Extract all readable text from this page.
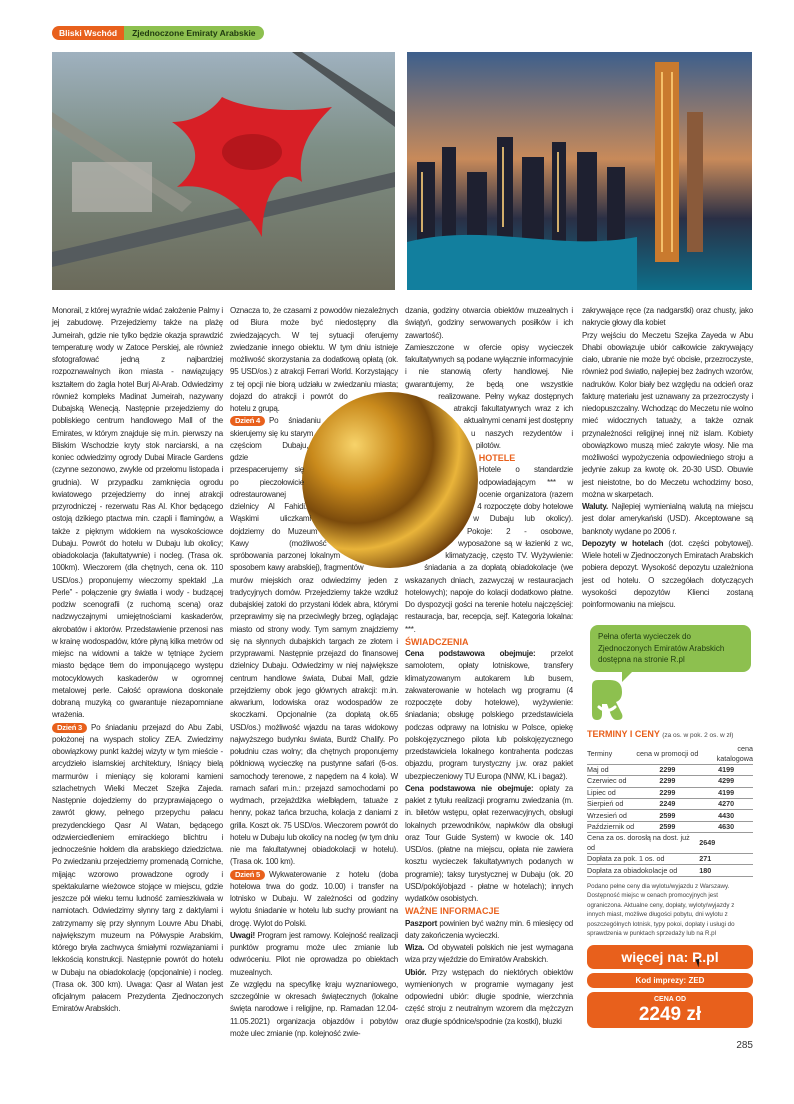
Bliski Wschód	Zjednoczone Emiraty Arabskie

Monorail, z której wyraźnie widać założenie Palmy i jej zabudowę. Przejedziemy także na plażę Jumeirah, gdzie nie tylko będzie okazja sprawdzić temperaturę wody w Zatoce Perskiej, ale również sfotografować jedną z najbardziej rozpoznawalnych ikon miasta - nawiązujący kształtem do żagla hotel Burj Al-Arab. Odwiedzimy również kompleks Madinat Jumeirah, nazywany Dubajską Wenecją. Następnie przejedziemy do pobliskiego centrum handlowego Mall of the Emirates, w którym znajduje się m.in. pierwszy na Bliskim Wschodzie kryty stok narciarski, a na koniec odwiedzimy ogrody Dubai Miracle Gardens (czynne sezonowo, zwykle od przełomu listopada i grudnia). W przypadku zamknięcia ogrodu kwiatowego przejedziemy do innej atrakcji przyrodniczej - rezerwatu Ras Al. Khor będącego ostoją dzikiego ptactwa min. czapli i flamingów, a także z pięknym widokiem na wysokościowce Dubaju. Powrót do hotelu w Dubaju lub okolicy; obiadokolacja (fakultatywnie) i nocleg. (Trasa ok. 100km). Wieczorem (dla chętnych, cena ok. 110 USD/os.) proponujemy wieczorny spektakl „La Perle” - połączenie gry światła i wody - budzącej podziw scenografii (z ruchomą sceną) oraz nadzwyczajnymi umiejętnościami kaskaderów, akrobatów i aktorów. Przedstawienie przenosi nas w krainę wodospadów, które płyną kilka metrów od miejsc na widowni a także w tętniące życiem miasto będące tłem do imponującego występu motocyklowych kaskaderów w ogromnej metalowej perle. Całość oprawiona doskonale dobraną muzyką co gwarantuje niezapomniane wrażenia.

Dzień 3 Po śniadaniu przejazd do Abu Zabi, położonej na wyspach stolicy ZEA. Zwiedzimy obowiązkowy punkt każdej wizyty w tym mieście - arcydzieło islamskiej architektury, lśniący bielą marmurów i mieniący się kolorami kamieni szlachetnych Wielki Meczet Szejka Zajeda. Następnie dojedziemy do przyprawiającego o zawrót głowy, pełnego przepychu pałacu prezydenckiego Qasr Al Watan, będącego odzwierciedleniem emirackiego blichtru i jednocześnie hołdem dla arabskiego dziedzictwa. Po zwiedzaniu przejedziemy promenadą Corniche, mijając wzorowo prowadzone ogrody i spektakularne wieżowce stojące w miejscu, gdzie jeszcze pół wieku temu ludność zamieszkiwała w namiotach. Odwiedzimy słynny targ z daktylami i zatrzymamy się przy słynnym Louvre Abu Dhabi, największym muzeum na Półwyspie Arabskim, którego bryła zachwyca śmiałymi rozwiązaniami i lekkością konstrukcji. Następnie powrót do hotelu w Dubaju na obiadokolację (opcjonalnie) i nocleg. (Trasa ok. 300 km). Uwaga: Qasr al Watan jest oficjalnym pałacem Prezydenta Zjednoczonych Emiratów Arabskich.

Oznacza to, że czasami z powodów niezależnych od Biura może być niedostępny dla zwiedzających. W tej sytuacji oferujemy zwiedzanie innego obiektu. W tym dniu istnieje możliwość skorzystania za dodatkową opłatą (ok. 95 USD/os.) z atrakcji Ferrari World. Korzystający z tej opcji nie biorą udziału w zwiedzaniu miasta; dojazd do atrakcji i powrót do hotelu z grupą.

Dzień 4 Po śniadaniu skierujemy się ku starym częściom Dubaju, gdzie przespacerujemy się po pieczołowicie odrestaurowanej dzielnicy Al Fahidi. Wąskimi uliczkami dojdziemy do Muzeum Kawy (możliwość spróbowania parzonej lokalnym sposobem kawy arabskiej), fragmentów murów miejskich oraz odwiedzimy jeden z tradycyjnych domów. Przejedziemy także wzdłuż dubajskiej zatoki do przystani łódek abra, którymi przeprawimy się na przeciwległy brzeg, oglądając miasto od strony wody. Tym samym znajdziemy się na słynnych dubajskich targach ze złotem i przyprawami. Następnie przejazd do finansowej dzielnicy Dubaju. Odwiedzimy w niej największe centrum handlowe świata, Dubai Mall, gdzie przejdziemy obok jego głównych atrakcji: m.in. akwarium, lodowiska oraz wodospadów ze skoczkami. Opcjonalnie (za dopłatą ok.65 USD/os.) możliwość wjazdu na taras widokowy najwyższego budynku świata, Burdż Chalify. Po południu czas wolny; dla chętnych proponujemy półdniową wycieczkę na pustynne safari (6-os. samochody terenowe, z napędem na 4 koła). W ramach safari m.in.: przejazd samochodami po wydmach, przejażdżka wielbłądem, tatuaże z henny, pokaz tańca brzucha, kolacja z daniami z grilla. Koszt ok. 75 USD/os. Wieczorem powrót do hotelu w Dubaju lub okolicy na nocleg (w tym dniu nie ma fakultatywnej obiadokolacji w hotelu). (Trasa ok. 100 km).

Dzień 5 Wykwaterowanie z hotelu (doba hotelowa trwa do godz. 10.00) i transfer na lotnisko w Dubaju. W zależności od godziny wylotu śniadanie w hotelu lub suchy prowiant na drogę. Wylot do Polski.

Uwagi! Program jest ramowy. Kolejność realizacji punktów programu może ulec zmianie lub odwróceniu. Pilot nie oprowadza po obiektach muzealnych.

Ze względu na specyfikę kraju wyznaniowego, szczególnie w okresach świątecznych (lokalne święta narodowe i religijne, np. Ramadan 12.04-11.05.2021) organizacja objazdów i pobytów może ulec zmianie (np. kolejność zwie-

dzania, godziny otwarcia obiektów muzealnych i świątyń, godziny serwowanych posiłków i ich zawartość).

Zamieszczone w ofercie opisy wycieczek fakultatywnych są podane wyłącznie informacyjnie i nie stanowią oferty handlowej. Nie gwarantujemy, że będą one wszystkie realizowane. Pełny wykaz dostępnych atrakcji fakultatywnych wraz z ich aktualnymi cenami jest dostępny u naszych rezydentów i pilotów.

HOTELE

Hotele o standardzie odpowiadającym *** w ocenie organizatora (razem 4 rozpoczęte doby hotelowe w Dubaju lub okolicy). Pokoje: 2 - osobowe, wyposażone są w łazienki z wc, klimatyzację, często TV. Wyżywienie: śniadania a za dopłatą obiadokolacje (we wskazanych dniach, zazwyczaj w restauracjach hotelowych); napoje do kolacji dodatkowo płatne. Do dyspozycji gości na terenie hotelu najczęściej: restauracja, bar, recepcja, sejf. Kategoria lokalna: ***.

ŚWIADCZENIA

Cena podstawowa obejmuje: przelot samolotem, opłaty lotniskowe, transfery klimatyzowanym autokarem lub busem, zakwaterowanie w hotelach wg programu (4 rozpoczęte doby hotelowe), wyżywienie: śniadania; obsługę polskiego przedstawiciela podczas odprawy na lotnisku w Polsce, opiekę polskojęzycznego pilota lub polskojęzycznego przedstawiciela lokalnego kontrahenta podczas objazdu, program turystyczny j.w. oraz pakiet ubezpieczeniowy TU Europa (NNW, KL i bagaż).

Cena podstawowa nie obejmuje: opłaty za pakiet z tytułu realizacji programu zwiedzania (m. in. biletów wstępu, opłat rezerwacyjnych, obsługi lokalnych przewodników, napiwków dla obsługi oraz Tour Guide System) w kwocie ok. 140 USD/os. (płatne na miejscu, opłata nie zawiera kosztu wycieczek fakultatywnych podanych w programie); taksy turystycznej w Dubaju (ok. 20 USD/pokój/objazd - płatne w hotelach); innych wydatków osobistych.

WAŻNE INFORMACJE

Paszport powinien być ważny min. 6 miesięcy od daty zakończenia wycieczki.

Wiza. Od obywateli polskich nie jest wymagana wiza przy wjeździe do Emiratów Arabskich.

Ubiór. Przy wstępach do niektórych obiektów wymienionych w programie wymagany jest odpowiedni ubiór: długie spodnie, wierzchnia część stroju z neutralnym wzorem dla mężczyzn oraz długie spódnice/spodnie (za kostki), bluzki

zakrywające ręce (za nadgarstki) oraz chusty, jako nakrycie głowy dla kobiet

Przy wejściu do Meczetu Szejka Zayeda w Abu Dhabi obowiązuje ubiór całkowicie zakrywający ciało, ubranie nie może być obcisłe, przezroczyste, również pod światło, najlepiej bez żadnych wzorów, nadruków. Kolor biały bez względu na odcień oraz fakturę materiału jest uznawany za przezroczysty i niedopuszczalny. Wchodząc do Meczetu nie wolno mieć widocznych tatuaży, a także oznak przynależności religijnej innej niż islam. Kobiety obowiązkowo muszą mieć zakryte włosy. Nie ma możliwości wypożyczenia odpowiedniego stroju a jedynie zakup za kwotę ok. 20-30 USD. Obuwie jest nieistotne, bo do Meczetu wchodzimy boso, można w skarpetach.

Waluty. Najlepiej wymienialną walutą na miejscu jest dolar amerykański (USD). Akceptowane są banknoty wydane po 2006 r.

Depozyty w hotelach (dot. części pobytowej). Wiele hoteli w Zjednoczonych Emiratach Arabskich pobiera depozyt. Wysokość depozytu uzależniona jest od hotelu. O szczegółach dotyczących wysokości depozytów Klienci zostaną poinformowaniu na miejscu.

Pełna oferta wycieczek do Zjednoczonych Emiratów Arabskich dostępna na stronie R.pl
TERMINY I CENY (za os. w pok. 2 os. w zł)
Terminy	cena w promocji od	cena katalogowa
Maj od	2299	4199
Czerwiec od	2299	4299
Lipiec od	2299	4199
Sierpień od	2249	4270
Wrzesień od	2599	4430
Październik od	2599	4630
Cena za os. dorosłą na dost. już od		2649
Dopłata za pok. 1 os. od		271
Dopłata za obiadokolacje od		180
Podano pełne ceny dla wylotu/wyjazdu z Warszawy. Dostępność miejsc w cenach promocyjnych jest ograniczona. Aktualne ceny, dopłaty, wyloty/wyjazdy z innych miast, możliwe długości pobytu, dni wylotu z poszczególnych lotnisk, typy pokoi, dopłaty i usługi do sprawdzenia w punktach sprzedaży lub na R.pl
więcej na: R.pl
Kod imprezy: ZED
CENA OD
2249 zł
285
